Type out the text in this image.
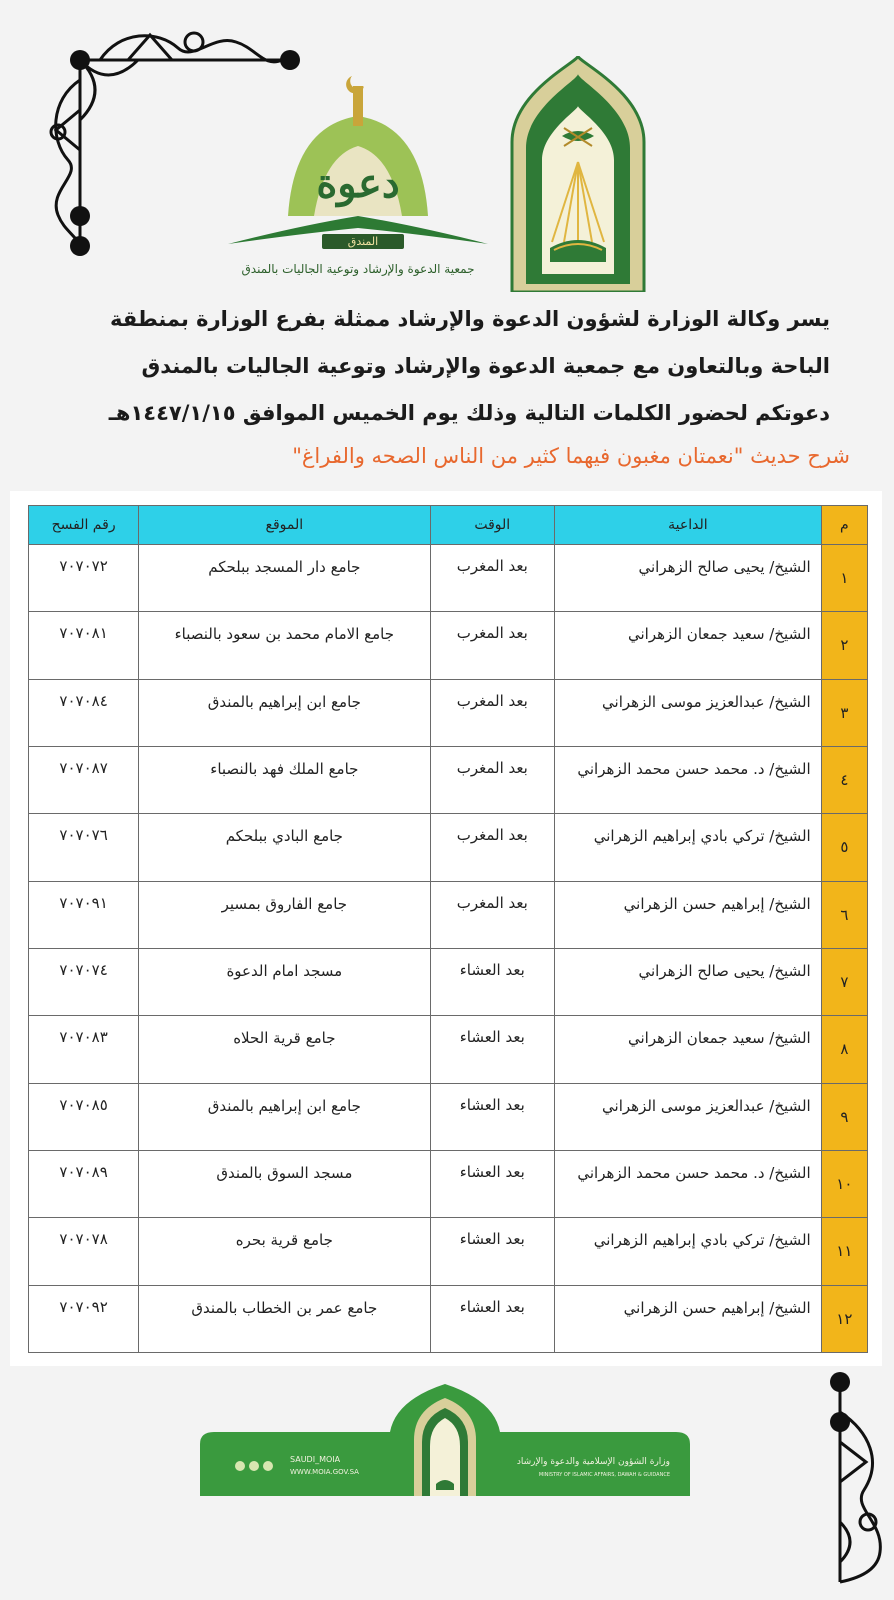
دعوة
المندق
جمعية الدعوة والإرشاد وتوعية الجاليات بالمندق

يسر وكالة الوزارة لشؤون الدعوة والإرشاد ممثلة بفرع الوزارة بمنطقة

الباحة وبالتعاون مع جمعية الدعوة والإرشاد وتوعية الجاليات بالمندق

دعوتكم لحضور الكلمات التالية وذلك يوم الخميس الموافق ١٤٤٧/١/١٥هـ

شرح حديث "نعمتان مغبون فيهما كثير من الناس الصحه والفراغ"
م	الداعية	الوقت	الموقع	رقم الفسح
١	الشيخ/ يحيى صالح الزهراني	بعد المغرب	جامع دار المسجد ببلحكم	٧٠٧٠٧٢
٢	الشيخ/ سعيد جمعان الزهراني	بعد المغرب	جامع الامام محمد بن سعود بالنصباء	٧٠٧٠٨١
٣	الشيخ/ عبدالعزيز موسى الزهراني	بعد المغرب	جامع ابن إبراهيم بالمندق	٧٠٧٠٨٤
٤	الشيخ/ د. محمد حسن محمد الزهراني	بعد المغرب	جامع الملك فهد بالنصباء	٧٠٧٠٨٧
٥	الشيخ/ تركي بادي إبراهيم الزهراني	بعد المغرب	جامع البادي ببلحكم	٧٠٧٠٧٦
٦	الشيخ/ إبراهيم حسن الزهراني	بعد المغرب	جامع الفاروق بمسير	٧٠٧٠٩١
٧	الشيخ/ يحيى صالح الزهراني	بعد العشاء	مسجد امام الدعوة	٧٠٧٠٧٤
٨	الشيخ/ سعيد جمعان الزهراني	بعد العشاء	جامع قرية الحلاه	٧٠٧٠٨٣
٩	الشيخ/ عبدالعزيز موسى الزهراني	بعد العشاء	جامع ابن إبراهيم بالمندق	٧٠٧٠٨٥
١٠	الشيخ/ د. محمد حسن محمد الزهراني	بعد العشاء	مسجد السوق بالمندق	٧٠٧٠٨٩
١١	الشيخ/ تركي بادي إبراهيم الزهراني	بعد العشاء	جامع قرية بحره	٧٠٧٠٧٨
١٢	الشيخ/ إبراهيم حسن الزهراني	بعد العشاء	جامع عمر بن الخطاب بالمندق	٧٠٧٠٩٢
SAUDI_MOIA
WWW.MOIA.GOV.SA
وزارة الشؤون الإسلامية والدعوة والإرشاد
MINISTRY OF ISLAMIC AFFAIRS, DAWAH & GUIDANCE
